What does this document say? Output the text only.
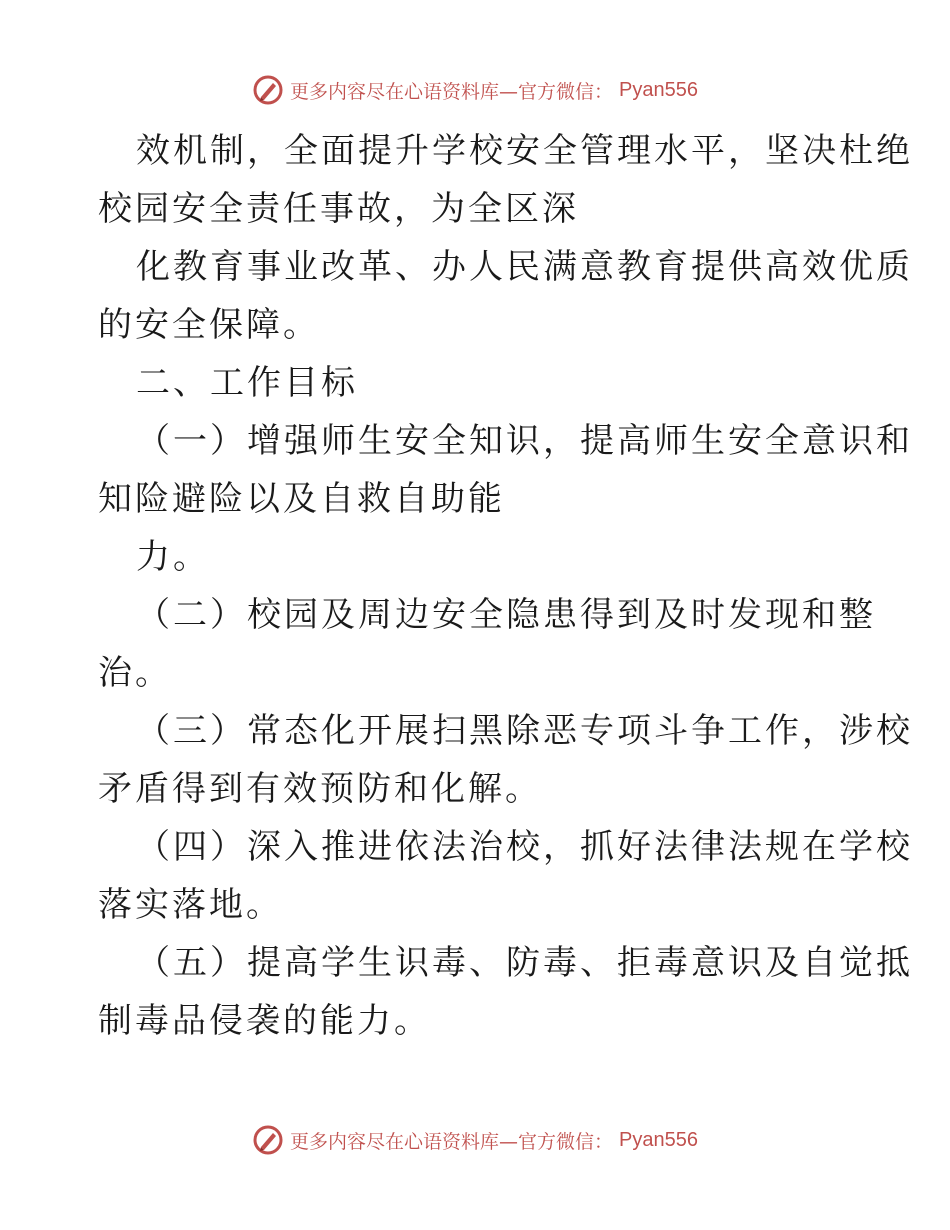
更多内容尽在心语资料库—官方微信： Pyan556
效机制，全面提升学校安全管理水平，坚决杜绝
校园安全责任事故，为全区深
化教育事业改革、办人民满意教育提供高效优质
的安全保障。
二、工作目标
（一）增强师生安全知识，提高师生安全意识和
知险避险以及自救自助能
力。
（二）校园及周边安全隐患得到及时发现和整
治。
（三）常态化开展扫黑除恶专项斗争工作，涉校
矛盾得到有效预防和化解。
（四）深入推进依法治校，抓好法律法规在学校
落实落地。
（五）提高学生识毒、防毒、拒毒意识及自觉抵
制毒品侵袭的能力。
更多内容尽在心语资料库—官方微信： Pyan556
